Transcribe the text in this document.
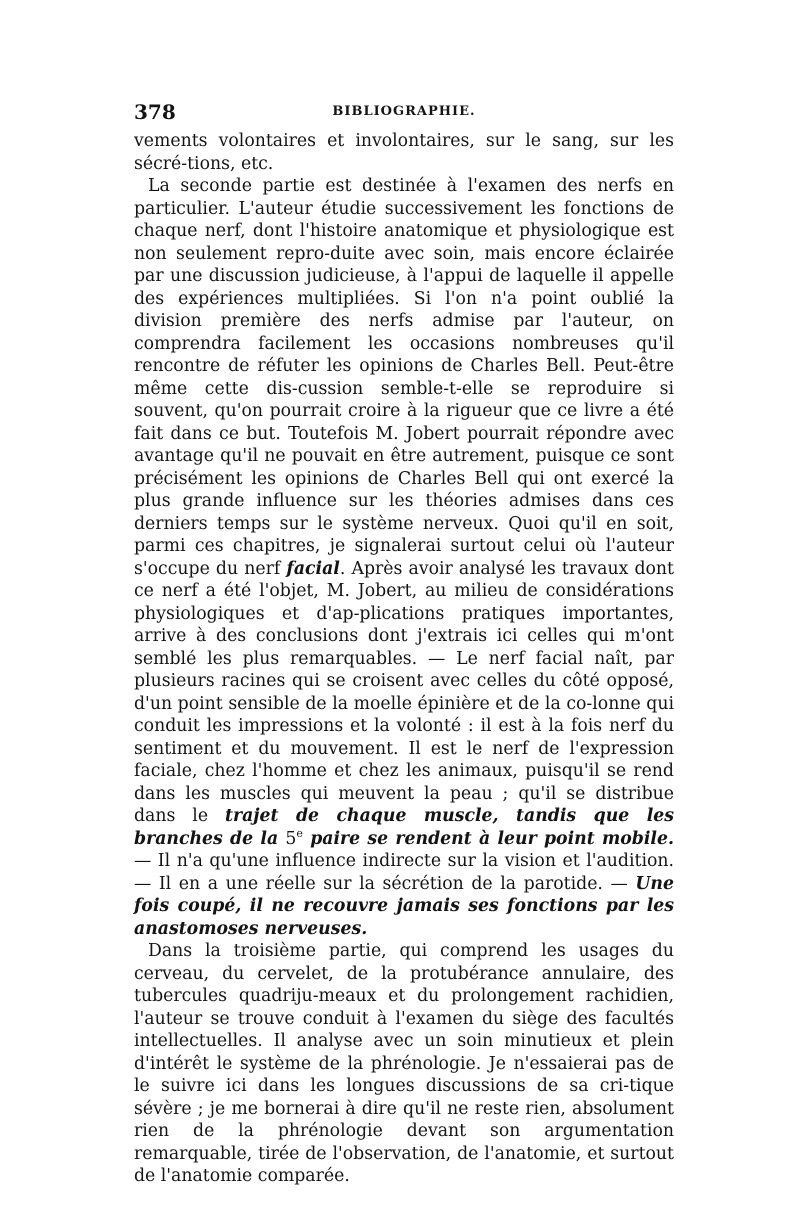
378	BIBLIOGRAPHIE.

vements volontaires et involontaires, sur le sang, sur les sécré-tions, etc.

La seconde partie est destinée à l'examen des nerfs en particulier. L'auteur étudie successivement les fonctions de chaque nerf, dont l'histoire anatomique et physiologique est non seulement repro-duite avec soin, mais encore éclairée par une discussion judicieuse, à l'appui de laquelle il appelle des expériences multipliées. Si l'on n'a point oublié la division première des nerfs admise par l'auteur, on comprendra facilement les occasions nombreuses qu'il rencontre de réfuter les opinions de Charles Bell. Peut-être même cette dis-cussion semble-t-elle se reproduire si souvent, qu'on pourrait croire à la rigueur que ce livre a été fait dans ce but. Toutefois M. Jobert pourrait répondre avec avantage qu'il ne pouvait en être autrement, puisque ce sont précisément les opinions de Charles Bell qui ont exercé la plus grande influence sur les théories admises dans ces derniers temps sur le système nerveux. Quoi qu'il en soit, parmi ces chapitres, je signalerai surtout celui où l'auteur s'occupe du nerf facial. Après avoir analysé les travaux dont ce nerf a été l'objet, M. Jobert, au milieu de considérations physiologiques et d'ap-plications pratiques importantes, arrive à des conclusions dont j'extrais ici celles qui m'ont semblé les plus remarquables. — Le nerf facial naît, par plusieurs racines qui se croisent avec celles du côté opposé, d'un point sensible de la moelle épinière et de la co-lonne qui conduit les impressions et la volonté : il est à la fois nerf du sentiment et du mouvement. Il est le nerf de l'expression faciale, chez l'homme et chez les animaux, puisqu'il se rend dans les muscles qui meuvent la peau ; qu'il se distribue dans le trajet de chaque muscle, tandis que les branches de la 5e paire se rendent à leur point mobile. — Il n'a qu'une influence indirecte sur la vision et l'audition. — Il en a une réelle sur la sécrétion de la parotide. — Une fois coupé, il ne recouvre jamais ses fonctions par les anastomoses nerveuses.

Dans la troisième partie, qui comprend les usages du cerveau, du cervelet, de la protubérance annulaire, des tubercules quadriju-meaux et du prolongement rachidien, l'auteur se trouve conduit à l'examen du siège des facultés intellectuelles. Il analyse avec un soin minutieux et plein d'intérêt le système de la phrénologie. Je n'essaierai pas de le suivre ici dans les longues discussions de sa cri-tique sévère ; je me bornerai à dire qu'il ne reste rien, absolument rien de la phrénologie devant son argumentation remarquable, tirée de l'observation, de l'anatomie, et surtout de l'anatomie comparée.
